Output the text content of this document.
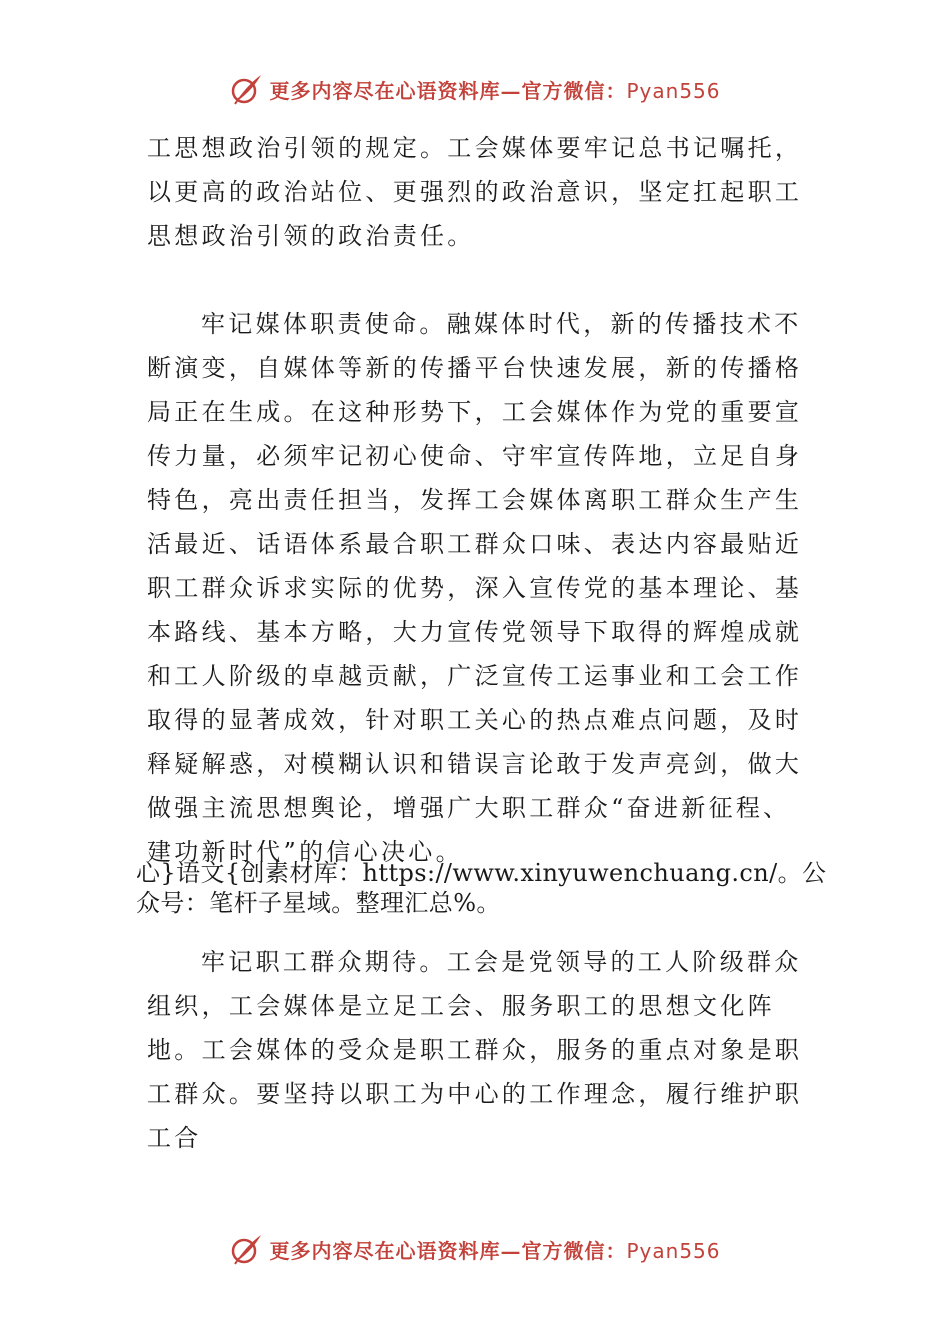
更多内容尽在心语资料库—官方微信：Pyan556

工思想政治引领的规定。工会媒体要牢记总书记嘱托，以更高的政治站位、更强烈的政治意识，坚定扛起职工思想政治引领的政治责任。

牢记媒体职责使命。融媒体时代，新的传播技术不断演变，自媒体等新的传播平台快速发展，新的传播格局正在生成。在这种形势下，工会媒体作为党的重要宣传力量，必须牢记初心使命、守牢宣传阵地，立足自身特色，亮出责任担当，发挥工会媒体离职工群众生产生活最近、话语体系最合职工群众口味、表达内容最贴近职工群众诉求实际的优势，深入宣传党的基本理论、基本路线、基本方略，大力宣传党领导下取得的辉煌成就和工人阶级的卓越贡献，广泛宣传工运事业和工会工作取得的显著成效，针对职工关心的热点难点问题，及时释疑解惑，对模糊认识和错误言论敢于发声亮剑，做大做强主流思想舆论，增强广大职工群众“奋进新征程、建功新时代”的信心决心。

心}语文{创素材库：https://www.xinyuwenchuang.cn/。公众号：笔杆子星域。整理汇总%。

牢记职工群众期待。工会是党领导的工人阶级群众组织，工会媒体是立足工会、服务职工的思想文化阵地。工会媒体的受众是职工群众，服务的重点对象是职工群众。要坚持以职工为中心的工作理念，履行维护职工合

更多内容尽在心语资料库—官方微信：Pyan556
